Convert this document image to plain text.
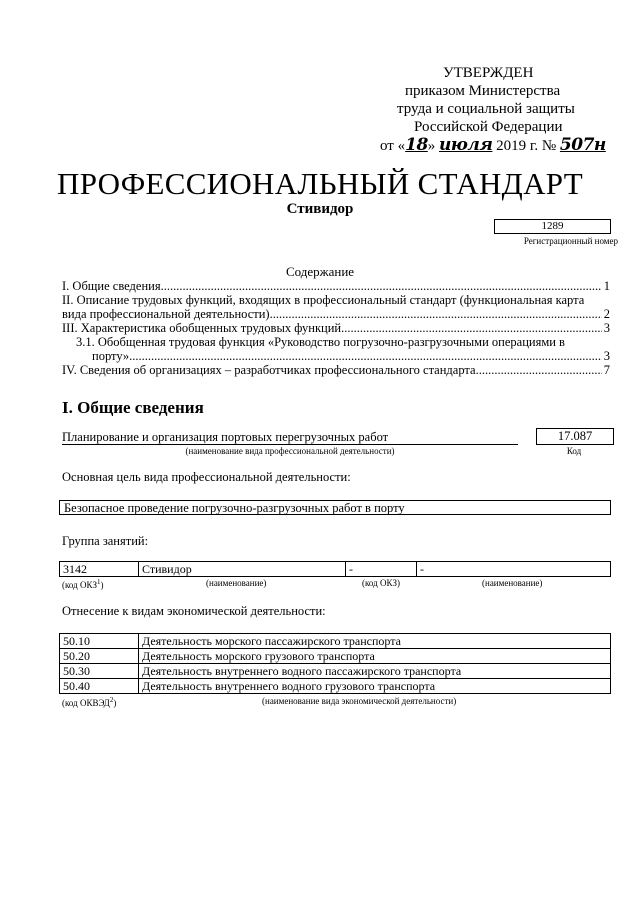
УТВЕРЖДЕН
приказом Министерства
труда и социальной защиты
Российской Федерации
от «18» июля 2019 г. № 507н
ПРОФЕССИОНАЛЬНЫЙ СТАНДАРТ
Стивидор
1289
Регистрационный номер
Содержание
I. Общие сведения .....	1
II. Описание трудовых функций, входящих в профессиональный стандарт (функциональная карта
вида профессиональной деятельности) .....	2
III. Характеристика обобщенных трудовых функций .....	3
3.1. Обобщенная трудовая функция «Руководство погрузочно-разгрузочными операциями в
порту» .....	3
IV. Сведения об организациях – разработчиках профессионального стандарта .....	7
I. Общие сведения
Планирование и организация портовых перегрузочных работ
(наименование вида профессиональной деятельности)
17.087
Код
Основная цель вида профессиональной деятельности:
Безопасное проведение погрузочно-разгрузочных работ в порту
Группа занятий:
3142	Стивидор	-	-
(код ОКЗ$^1$)	(наименование)	(код ОКЗ)	(наименование)
Отнесение к видам экономической деятельности:
50.10	Деятельность морского пассажирского транспорта
50.20	Деятельность морского грузового транспорта
50.30	Деятельность внутреннего водного пассажирского транспорта
50.40	Деятельность внутреннего водного грузового транспорта
(код ОКВЭД$^2$)	(наименование вида экономической деятельности)
